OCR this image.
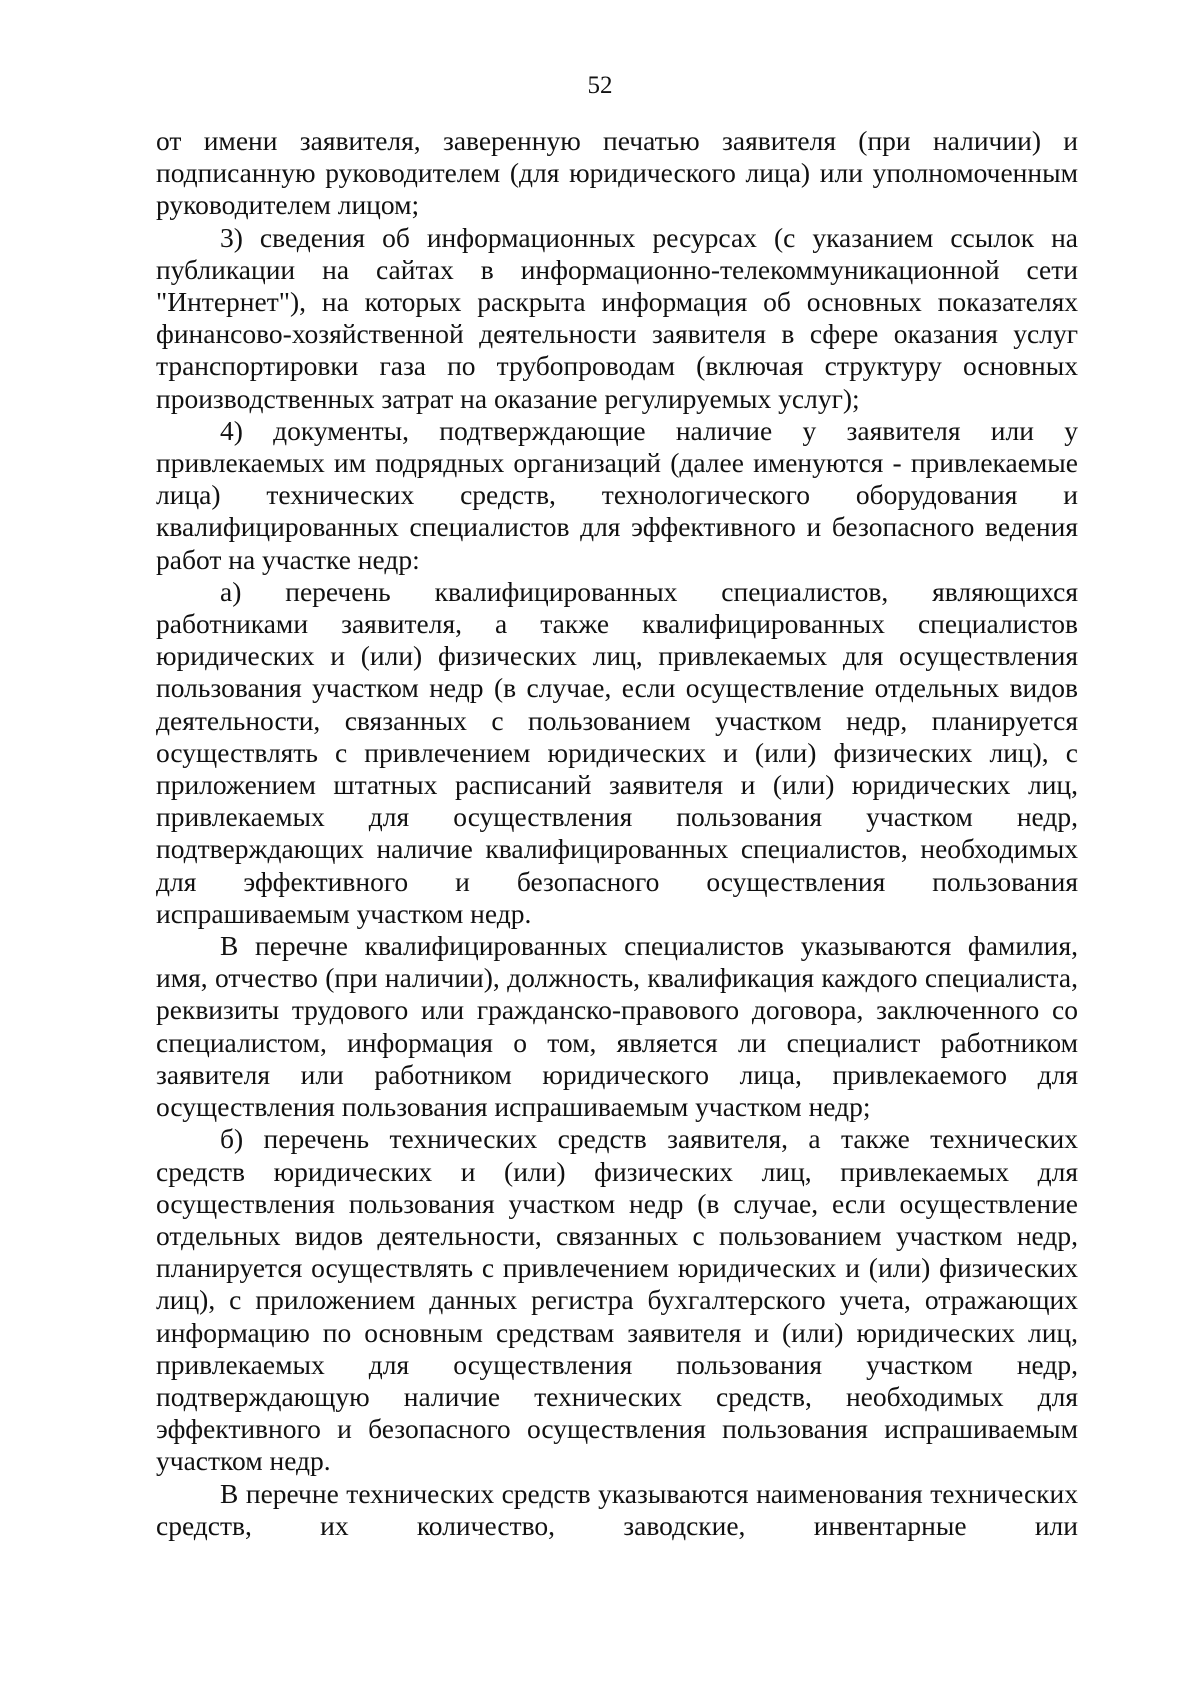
52

от имени заявителя, заверенную печатью заявителя (при наличии) и подписанную руководителем (для юридического лица) или уполномоченным руководителем лицом;

3) сведения об информационных ресурсах (с указанием ссылок на публикации на сайтах в информационно-телекоммуникационной сети "Интернет"), на которых раскрыта информация об основных показателях финансово-хозяйственной деятельности заявителя в сфере оказания услуг транспортировки газа по трубопроводам (включая структуру основных производственных затрат на оказание регулируемых услуг);

4) документы, подтверждающие наличие у заявителя или у привлекаемых им подрядных организаций (далее именуются - привлекаемые лица) технических средств, технологического оборудования и квалифицированных специалистов для эффективного и безопасного ведения работ на участке недр:

а) перечень квалифицированных специалистов, являющихся работниками заявителя, а также квалифицированных специалистов юридических и (или) физических лиц, привлекаемых для осуществления пользования участком недр (в случае, если осуществление отдельных видов деятельности, связанных с пользованием участком недр, планируется осуществлять с привлечением юридических и (или) физических лиц), с приложением штатных расписаний заявителя и (или) юридических лиц, привлекаемых для осуществления пользования участком недр, подтверждающих наличие квалифицированных специалистов, необходимых для эффективного и безопасного осуществления пользования испрашиваемым участком недр.

В перечне квалифицированных специалистов указываются фамилия, имя, отчество (при наличии), должность, квалификация каждого специалиста, реквизиты трудового или гражданско-правового договора, заключенного со специалистом, информация о том, является ли специалист работником заявителя или работником юридического лица, привлекаемого для осуществления пользования испрашиваемым участком недр;

б) перечень технических средств заявителя, а также технических средств юридических и (или) физических лиц, привлекаемых для осуществления пользования участком недр (в случае, если осуществление отдельных видов деятельности, связанных с пользованием участком недр, планируется осуществлять с привлечением юридических и (или) физических лиц), с приложением данных регистра бухгалтерского учета, отражающих информацию по основным средствам заявителя и (или) юридических лиц, привлекаемых для осуществления пользования участком недр, подтверждающую наличие технических средств, необходимых для эффективного и безопасного осуществления пользования испрашиваемым участком недр.

В перечне технических средств указываются наименования технических средств, их количество, заводские, инвентарные или
